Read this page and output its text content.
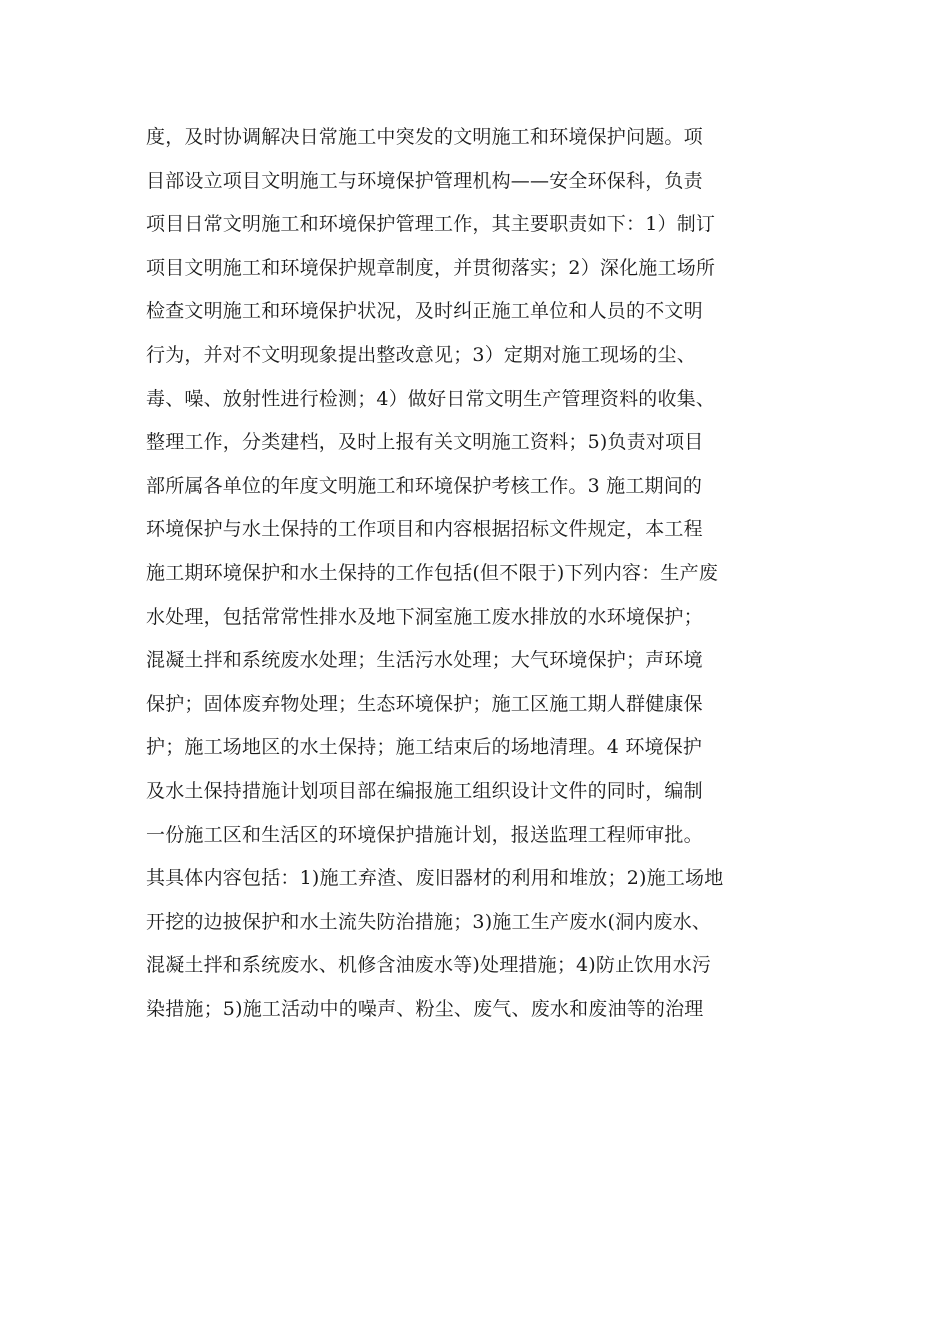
度，及时协调解决日常施工中突发的文明施工和环境保护问题。项
目部设立项目文明施工与环境保护管理机构——安全环保科，负责
项目日常文明施工和环境保护管理工作，其主要职责如下：1）制订
项目文明施工和环境保护规章制度，并贯彻落实；2）深化施工场所
检查文明施工和环境保护状况，及时纠正施工单位和人员的不文明
行为，并对不文明现象提出整改意见；3）定期对施工现场的尘、
毒、噪、放射性进行检测；4）做好日常文明生产管理资料的收集、
整理工作，分类建档，及时上报有关文明施工资料；5)负责对项目
部所属各单位的年度文明施工和环境保护考核工作。3 施工期间的
环境保护与水土保持的工作项目和内容根据招标文件规定，本工程
施工期环境保护和水土保持的工作包括(但不限于)下列内容：生产废
水处理，包括常常性排水及地下洞室施工废水排放的水环境保护；
混凝土拌和系统废水处理；生活污水处理；大气环境保护；声环境
保护；固体废弃物处理；生态环境保护；施工区施工期人群健康保
护；施工场地区的水土保持；施工结束后的场地清理。4 环境保护
及水土保持措施计划项目部在编报施工组织设计文件的同时，编制
一份施工区和生活区的环境保护措施计划，报送监理工程师审批。
其具体内容包括：1)施工弃渣、废旧器材的利用和堆放；2)施工场地
开挖的边披保护和水土流失防治措施；3)施工生产废水(洞内废水、
混凝土拌和系统废水、机修含油废水等)处理措施；4)防止饮用水污
染措施；5)施工活动中的噪声、粉尘、废气、废水和废油等的治理
